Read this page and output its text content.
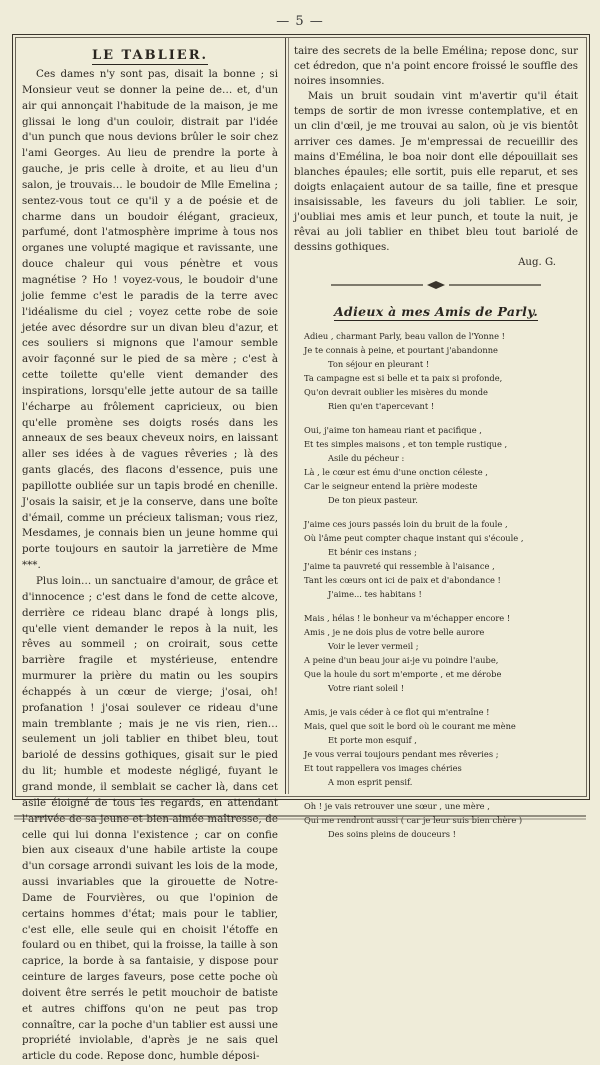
— 5 —
LE TABLIER.

Ces dames n'y sont pas, disait la bonne ; si Monsieur veut se donner la peine de… et, d'un air qui annonçait l'habitude de la maison, je me glissai le long d'un couloir, distrait par l'idée d'un punch que nous devions brûler le soir chez l'ami Georges. Au lieu de prendre la porte à gauche, je pris celle à droite, et au lieu d'un salon, je trouvais… le boudoir de Mlle Emelina ; sentez-vous tout ce qu'il y a de poésie et de charme dans un boudoir élégant, gracieux, parfumé, dont l'atmosphère imprime à tous nos organes une volupté magique et ravissante, une douce chaleur qui vous pénètre et vous magnétise ? Ho ! voyez-vous, le boudoir d'une jolie femme c'est le paradis de la terre avec l'idéalisme du ciel ; voyez cette robe de soie jetée avec désordre sur un divan bleu d'azur, et ces souliers si mignons que l'amour semble avoir façonné sur le pied de sa mère ; c'est à cette toilette qu'elle vient demander des inspirations, lorsqu'elle jette autour de sa taille l'écharpe au frôlement capricieux, ou bien qu'elle promène ses doigts rosés dans les anneaux de ses beaux cheveux noirs, en laissant aller ses idées à de vagues rêveries ; là des gants glacés, des flacons d'essence, puis une papillotte oubliée sur un tapis brodé en chenille. J'osais la saisir, et je la conserve, dans une boîte d'émail, comme un précieux talisman; vous riez, Mesdames, je connais bien un jeune homme qui porte toujours en sautoir la jarretière de Mme ***.

Plus loin… un sanctuaire d'amour, de grâce et d'innocence ; c'est dans le fond de cette alcove, derrière ce rideau blanc drapé à longs plis, qu'elle vient demander le repos à la nuit, les rêves au sommeil ; on croirait, sous cette barrière fragile et mystérieuse, entendre murmurer la prière du matin ou les soupirs échappés à un cœur de vierge; j'osai, oh! profanation ! j'osai soulever ce rideau d'une main tremblante ; mais je ne vis rien, rien… seulement un joli tablier en thibet bleu, tout bariolé de dessins gothiques, gisait sur le pied du lit; humble et modeste négligé, fuyant le grand monde, il semblait se cacher là, dans cet asile éloigné de tous les regards, en attendant l'arrivée de sa jeune et bien-aimée maîtresse, de celle qui lui donna l'existence ; car on confie bien aux ciseaux d'une habile artiste la coupe d'un corsage arrondi suivant les lois de la mode, aussi invariables que la girouette de Notre-Dame de Fourvières, ou que l'opinion de certains hommes d'état; mais pour le tablier, c'est elle, elle seule qui en choisit l'étoffe en foulard ou en thibet, qui la froisse, la taille à son caprice, la borde à sa fantaisie, y dispose pour ceinture de larges faveurs, pose cette poche où doivent être serrés le petit mouchoir de batiste et autres chiffons qu'on ne peut pas trop connaître, car la poche d'un tablier est aussi une propriété inviolable, d'après je ne sais quel article du code. Repose donc, humble déposi-

taire des secrets de la belle Emélina; repose donc, sur cet édredon, que n'a point encore froissé le souffle des noires insomnies.

Mais un bruit soudain vint m'avertir qu'il était temps de sortir de mon ivresse contemplative, et en un clin d'œil, je me trouvai au salon, où je vis bientôt arriver ces dames. Je m'empressai de recueillir des mains d'Emélina, le boa noir dont elle dépouillait ses blanches épaules; elle sortit, puis elle reparut, et ses doigts enlaçaient autour de sa taille, fine et presque insaisissable, les faveurs du joli tablier. Le soir, j'oubliai mes amis et leur punch, et toute la nuit, je rêvai au joli tablier en thibet bleu tout bariolé de dessins gothiques.

Aug. G.
Adieux à mes Amis de Parly.
Adieu , charmant Parly, beau vallon de l'Yonne !
Je te connais à peine, et pourtant j'abandonne
Ton séjour en pleurant !
Ta campagne est si belle et ta paix si profonde,
Qu'on devrait oublier les misères du monde
Rien qu'en t'apercevant !
Oui, j'aime ton hameau riant et pacifique ,
Et tes simples maisons , et ton temple rustique ,
Asile du pécheur :
Là , le cœur est ému d'une onction céleste ,
Car le seigneur entend la prière modeste
De ton pieux pasteur.
J'aime ces jours passés loin du bruit de la foule ,
Où l'âme peut compter chaque instant qui s'écoule ,
Et bénir ces instans ;
J'aime ta pauvreté qui ressemble à l'aisance ,
Tant les cœurs ont ici de paix et d'abondance !
J'aime... tes habitans !
Mais , hélas ! le bonheur va m'échapper encore !
Amis , je ne dois plus de votre belle aurore
Voir le lever vermeil ;
A peine d'un beau jour ai-je vu poindre l'aube,
Que la houle du sort m'emporte , et me dérobe
Votre riant soleil !
Amis, je vais céder à ce flot qui m'entraîne !
Mais, quel que soit le bord où le courant me mène
Et porte mon esquif ,
Je vous verrai toujours pendant mes rêveries ;
Et tout rappellera vos images chéries
A mon esprit pensif.
Oh ! je vais retrouver une sœur , une mère ,
Qui me rendront aussi ( car je leur suis bien chère )
Des soins pleins de douceurs !
